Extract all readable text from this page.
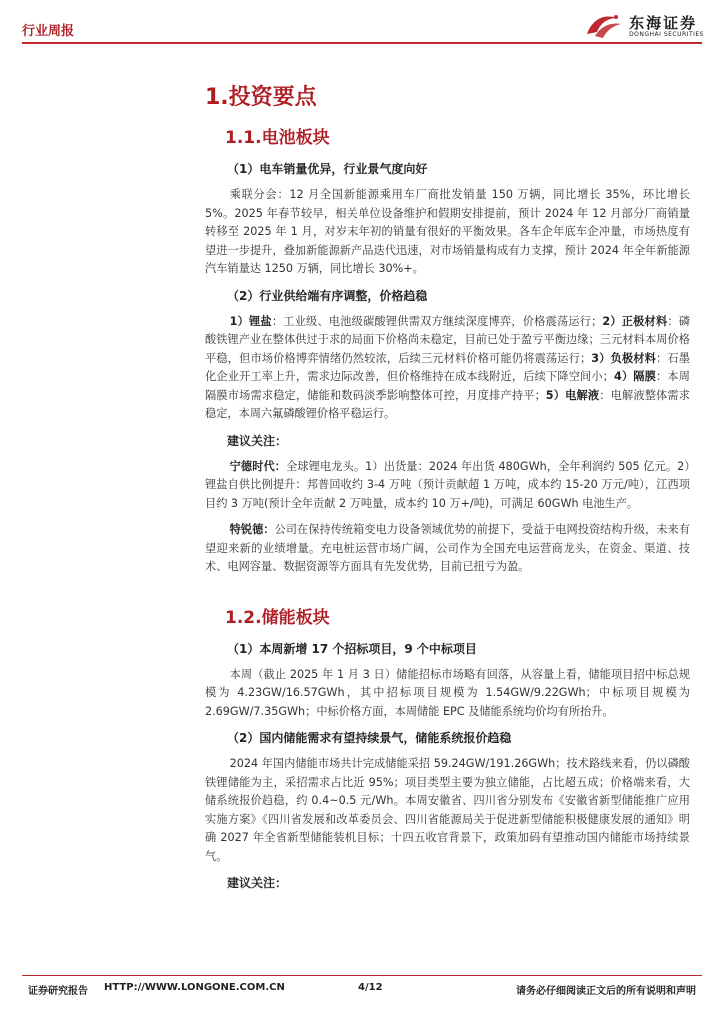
行业周报	东海证券
DONGHAI SECURITIES
1.投资要点
1.1.电池板块
（1）电车销量优异，行业景气度向好
乘联分会：12 月全国新能源乘用车厂商批发销量 150 万辆，同比增长 35%，环比增长 5%。2025 年春节较早，相关单位设备维护和假期安排提前，预计 2024 年 12 月部分厂商销量转移至 2025 年 1 月，对岁末年初的销量有很好的平衡效果。各车企年底车企冲量，市场热度有望进一步提升，叠加新能源新产品迭代迅速，对市场销量构成有力支撑，预计 2024 年全年新能源汽车销量达 1250 万辆，同比增长 30%+。
（2）行业供给端有序调整，价格趋稳
1）锂盐：工业级、电池级碳酸锂供需双方继续深度博弈，价格震荡运行；2）正极材料：磷酸铁锂产业在整体供过于求的局面下价格尚未稳定，目前已处于盈亏平衡边缘；三元材料本周价格平稳，但市场价格博弈情绪仍然较浓，后续三元材料价格可能仍将震荡运行；3）负极材料：石墨化企业开工率上升，需求边际改善，但价格维持在成本线附近，后续下降空间小；4）隔膜：本周隔膜市场需求稳定，储能和数码淡季影响整体可控，月度排产持平；5）电解液：电解液整体需求稳定，本周六氟磷酸锂价格平稳运行。
建议关注：
宁德时代：全球锂电龙头。1）出货量：2024 年出货 480GWh，全年利润约 505 亿元。2）锂盐自供比例提升：邦普回收约 3-4 万吨（预计贡献超 1 万吨，成本约 15-20 万元/吨），江西项目约 3 万吨(预计全年贡献 2 万吨量，成本约 10 万+/吨)，可满足 60GWh 电池生产。
特锐德：公司在保持传统箱变电力设备领域优势的前提下，受益于电网投资结构升级，未来有望迎来新的业绩增量。充电桩运营市场广阔，公司作为全国充电运营商龙头，在资金、渠道、技术、电网容量、数据资源等方面具有先发优势，目前已扭亏为盈。
1.2.储能板块
（1）本周新增 17 个招标项目，9 个中标项目
本周（截止 2025 年 1 月 3 日）储能招标市场略有回落，从容量上看，储能项目招中标总规模为 4.23GW/16.57GWh，其中招标项目规模为 1.54GW/9.22GWh；中标项目规模为 2.69GW/7.35GWh；中标价格方面，本周储能 EPC 及储能系统均价均有所抬升。
（2）国内储能需求有望持续景气，储能系统报价趋稳
2024 年国内储能市场共计完成储能采招 59.24GW/191.26GWh；技术路线来看，仍以磷酸铁锂储能为主，采招需求占比近 95%；项目类型主要为独立储能，占比超五成；价格端来看，大储系统报价趋稳，约 0.4~0.5 元/Wh。本周安徽省、四川省分别发布《安徽省新型储能推广应用实施方案》《四川省发展和改革委员会、四川省能源局关于促进新型储能积极健康发展的通知》明确 2027 年全省新型储能装机目标；十四五收官背景下，政策加码有望推动国内储能市场持续景气。
建议关注：
证券研究报告 HTTP://WWW.LONGONE.COM.CN	4/12	请务必仔细阅读正文后的所有说明和声明
